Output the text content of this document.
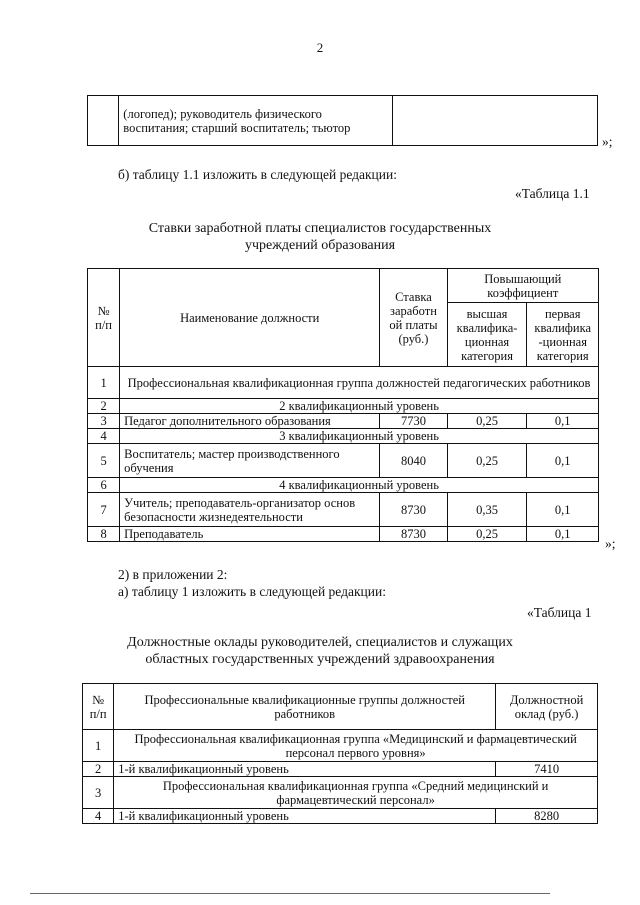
2
	(логопед); руководитель физического воспитания; старший воспитатель; тьютор	
»;
б) таблицу 1.1 изложить в следующей редакции:
«Таблица 1.1
Ставки заработной платы специалистов государственных
учреждений образования
№ п/п	Наименование должности	Ставка заработн ой платы (руб.)	Повышающий коэффициент	
			высшая квалифика- ционная категория	первая квалифика -ционная категория
1	Профессиональная квалификационная группа должностей педагогических работников			
2	2 квалификационный уровень			
3	Педагог дополнительного образования	7730	0,25	0,1
4	3 квалификационный уровень			
5	Воспитатель; мастер производственного обучения	8040	0,25	0,1
6	4 квалификационный уровень			
7	Учитель; преподаватель-организатор основ безопасности жизнедеятельности	8730	0,35	0,1
8	Преподаватель	8730	0,25	0,1
»;
2) в приложении 2:
а) таблицу 1 изложить в следующей редакции:
«Таблица 1
Должностные оклады руководителей, специалистов и служащих
областных государственных учреждений здравоохранения
№ п/п	Профессиональные квалификационные группы должностей работников	Должностной оклад (руб.)
1	Профессиональная квалификационная группа «Медицинский и фармацевтический персонал первого уровня»	
2	1-й квалификационный уровень	7410
3	Профессиональная квалификационная группа «Средний медицинский и фармацевтический персонал»	
4	1-й квалификационный уровень	8280
